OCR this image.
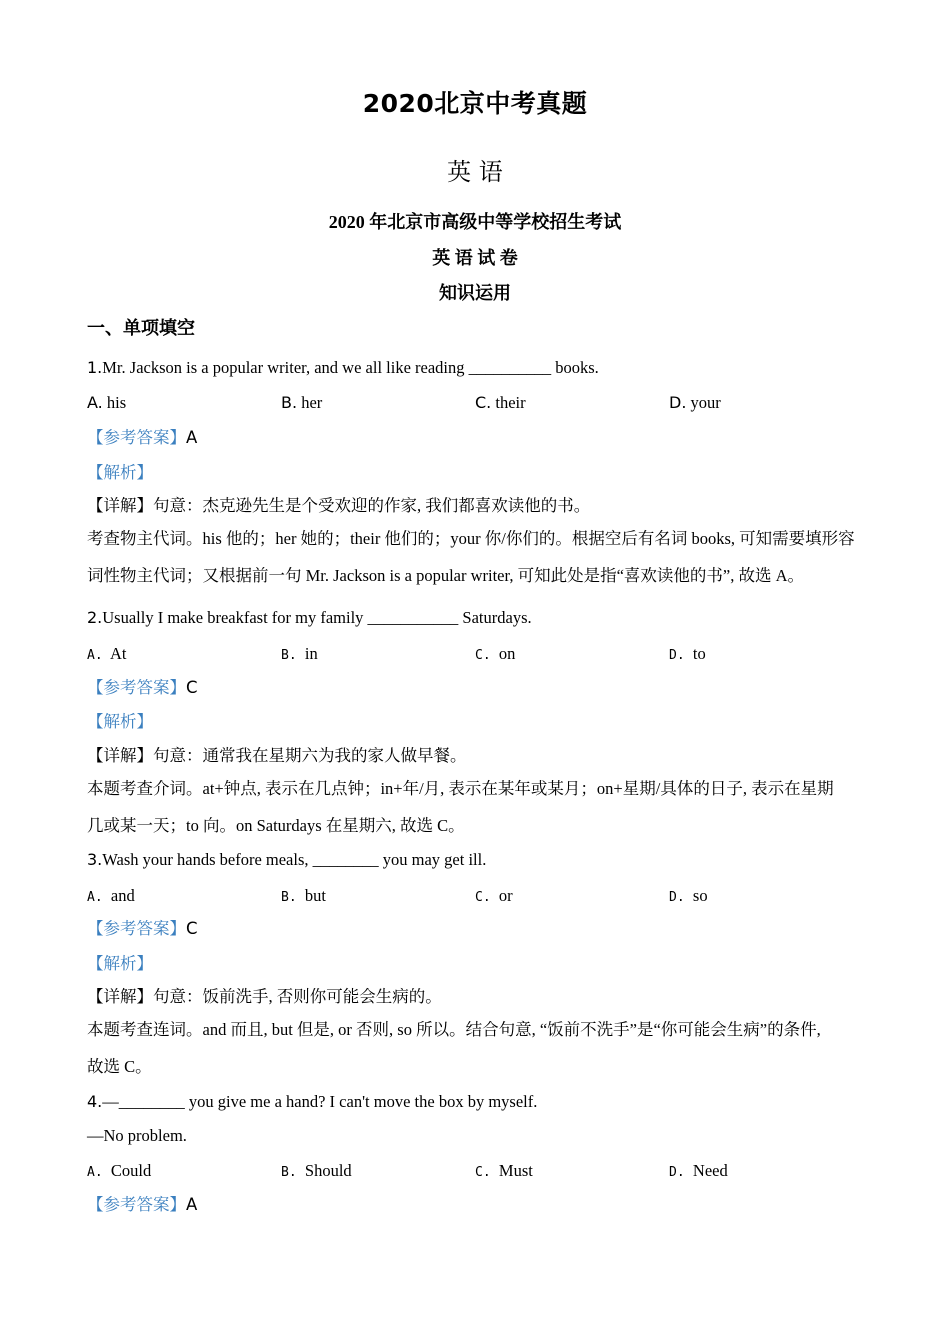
2020北京中考真题
英 语
2020 年北京市高级中等学校招生考试
英 语 试 卷
知识运用
一、单项填空
1.Mr. Jackson is a popular writer, and we all like reading __________ books.
A. his	B. her	C. their	D. your
【参考答案】A
【解析】
【详解】句意：杰克逊先生是个受欢迎的作家, 我们都喜欢读他的书。
考查物主代词。his 他的；her 她的；their 他们的；your 你/你们的。根据空后有名词 books, 可知需要填形容
词性物主代词；又根据前一句 Mr. Jackson is a popular writer, 可知此处是指“喜欢读他的书”, 故选 A。
2.Usually I make breakfast for my family ___________ Saturdays.
A. At	B. in	C. on	D. to
【参考答案】C
【解析】
【详解】句意：通常我在星期六为我的家人做早餐。
本题考查介词。at+钟点, 表示在几点钟；in+年/月, 表示在某年或某月；on+星期/具体的日子, 表示在星期
几或某一天；to 向。on Saturdays 在星期六, 故选 C。
3.Wash your hands before meals, ________ you may get ill.
A. and	B. but	C. or	D. so
【参考答案】C
【解析】
【详解】句意：饭前洗手, 否则你可能会生病的。
本题考查连词。and 而且, but 但是, or 否则, so 所以。结合句意, “饭前不洗手”是“你可能会生病”的条件,
故选 C。
4.—________ you give me a hand? I can't move the box by myself.
—No problem.
A. Could	B. Should	C. Must	D. Need
【参考答案】A
